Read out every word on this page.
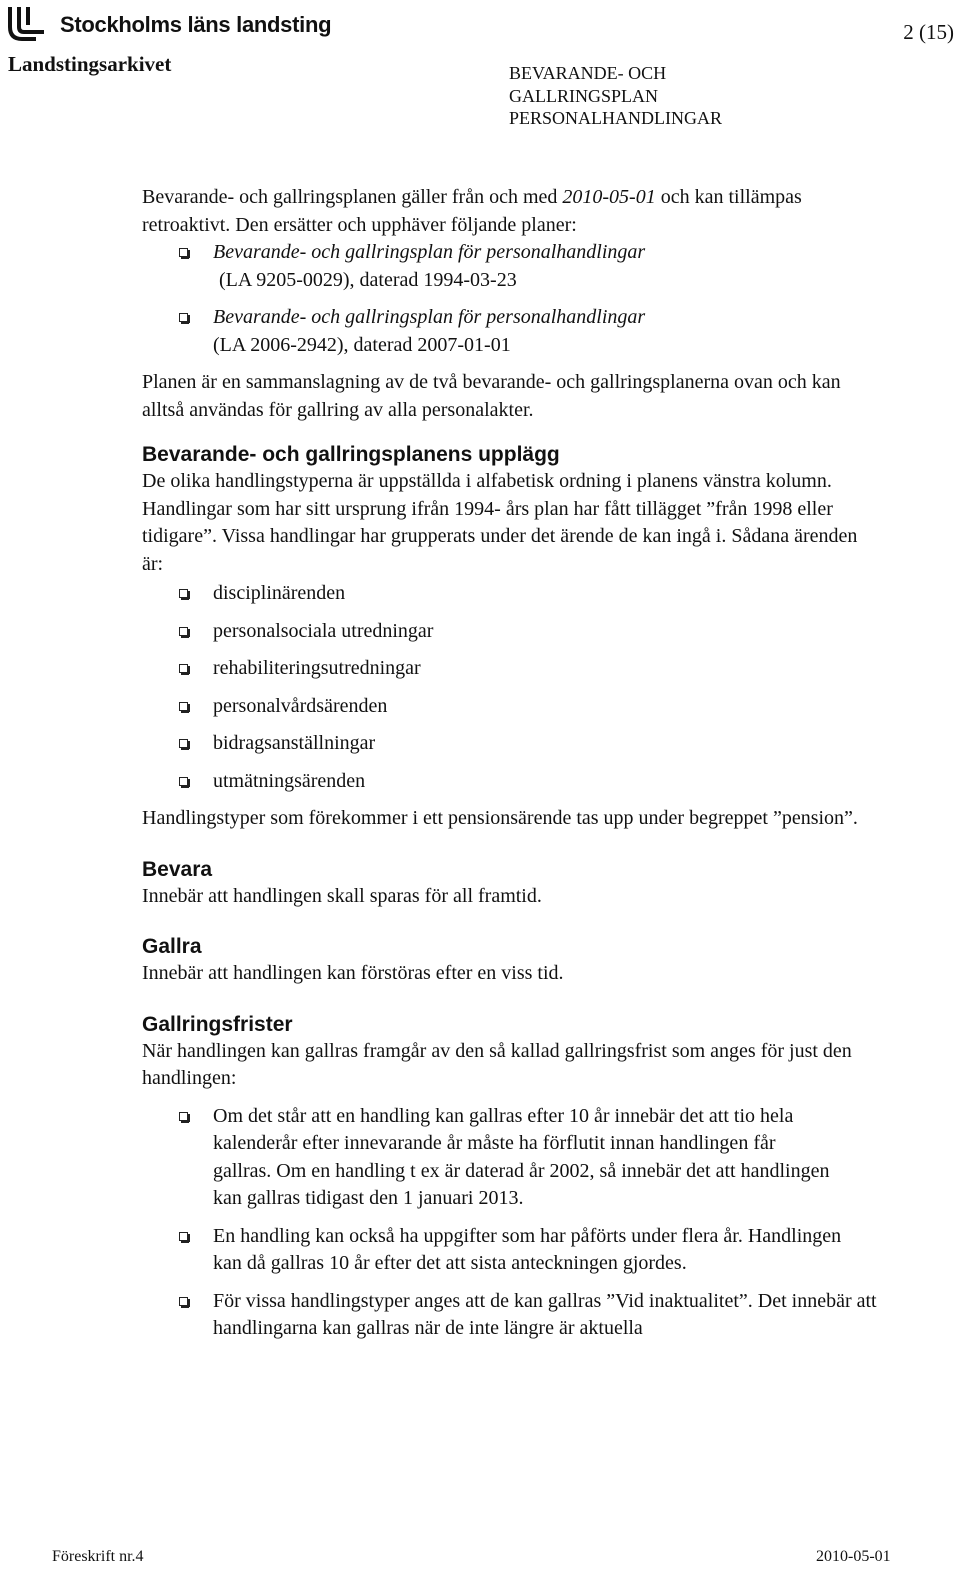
Stockholms läns landsting	2 (15)
Landstingsarkivet	BEVARANDE- OCH
GALLRINGSPLAN
PERSONALHANDLINGAR

Bevarande- och gallringsplanen gäller från och med 2010-05-01 och kan tillämpas retroaktivt. Den ersätter och upphäver följande planer:

Bevarande- och gallringsplan för personalhandlingar
(LA 9205-0029), daterad 1994-03-23
Bevarande- och gallringsplan för personalhandlingar
(LA 2006-2942), daterad 2007-01-01

Planen är en sammanslagning av de två bevarande- och gallringsplanerna ovan och kan alltså användas för gallring av alla personalakter.

Bevarande- och gallringsplanens upplägg

De olika handlingstyperna är uppställda i alfabetisk ordning i planens vänstra kolumn. Handlingar som har sitt ursprung ifrån 1994- års plan har fått tillägget ”från 1998 eller tidigare”. Vissa handlingar har grupperats under det ärende de kan ingå i. Sådana ärenden är:

disciplinärenden
personalsociala utredningar
rehabiliteringsutredningar
personalvårdsärenden
bidragsanställningar
utmätningsärenden

Handlingstyper som förekommer i ett pensionsärende tas upp under begreppet ”pension”.

Bevara

Innebär att handlingen skall sparas för all framtid.

Gallra

Innebär att handlingen kan förstöras efter en viss tid.

Gallringsfrister

När handlingen kan gallras framgår av den så kallad gallringsfrist som anges för just den handlingen:

Om det står att en handling kan gallras efter 10 år innebär det att tio hela kalenderår efter innevarande år måste ha förflutit innan handlingen får gallras. Om en handling t ex är daterad år 2002, så innebär det att handlingen kan gallras tidigast den 1 januari 2013.
En handling kan också ha uppgifter som har påförts under flera år. Handlingen kan då gallras 10 år efter det att sista anteckningen gjordes.
För vissa handlingstyper anges att de kan gallras ”Vid inaktualitet”. Det innebär att handlingarna kan gallras när de inte längre är aktuella
Föreskrift nr.4	2010-05-01
